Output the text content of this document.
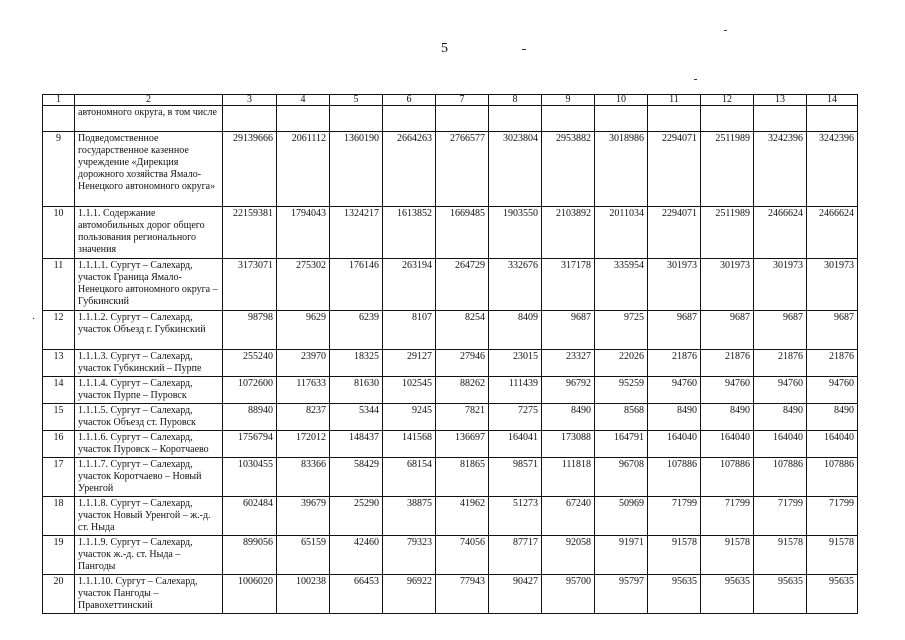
5
·
1	2	3	4	5	6	7	8	9	10	11	12	13	14
	автономного округа, в том числе												
9	Подведомственное государственное казенное учреждение «Дирекция дорожного хозяйства Ямало-Ненецкого автономного округа»	29139666	2061112	1360190	2664263	2766577	3023804	2953882	3018986	2294071	2511989	3242396	3242396
10	1.1.1. Содержание автомобильных дорог общего пользования регионального значения	22159381	1794043	1324217	1613852	1669485	1903550	2103892	2011034	2294071	2511989	2466624	2466624
11	1.1.1.1. Сургут – Салехард, участок Граница Ямало-Ненецкого автономного округа – Губкинский	3173071	275302	176146	263194	264729	332676	317178	335954	301973	301973	301973	301973
12	1.1.1.2. Сургут – Салехард, участок Объезд г. Губкинский	98798	9629	6239	8107	8254	8409	9687	9725	9687	9687	9687	9687
13	1.1.1.3. Сургут – Салехард, участок Губкинский – Пурпе	255240	23970	18325	29127	27946	23015	23327	22026	21876	21876	21876	21876
14	1.1.1.4. Сургут – Салехард, участок Пурпе – Пуровск	1072600	117633	81630	102545	88262	111439	96792	95259	94760	94760	94760	94760
15	1.1.1.5. Сургут – Салехард, участок Объезд ст. Пуровск	88940	8237	5344	9245	7821	7275	8490	8568	8490	8490	8490	8490
16	1.1.1.6. Сургут – Салехард, участок Пуровск – Коротчаево	1756794	172012	148437	141568	136697	164041	173088	164791	164040	164040	164040	164040
17	1.1.1.7. Сургут – Салехард, участок Коротчаево – Новый Уренгой	1030455	83366	58429	68154	81865	98571	111818	96708	107886	107886	107886	107886
18	1.1.1.8. Сургут – Салехард, участок Новый Уренгой – ж.-д. ст. Ныда	602484	39679	25290	38875	41962	51273	67240	50969	71799	71799	71799	71799
19	1.1.1.9. Сургут – Салехард, участок ж.-д. ст. Ныда – Пангоды	899056	65159	42460	79323	74056	87717	92058	91971	91578	91578	91578	91578
20	1.1.1.10. Сургут – Салехард, участок Пангоды – Правохеттинский	1006020	100238	66453	96922	77943	90427	95700	95797	95635	95635	95635	95635
